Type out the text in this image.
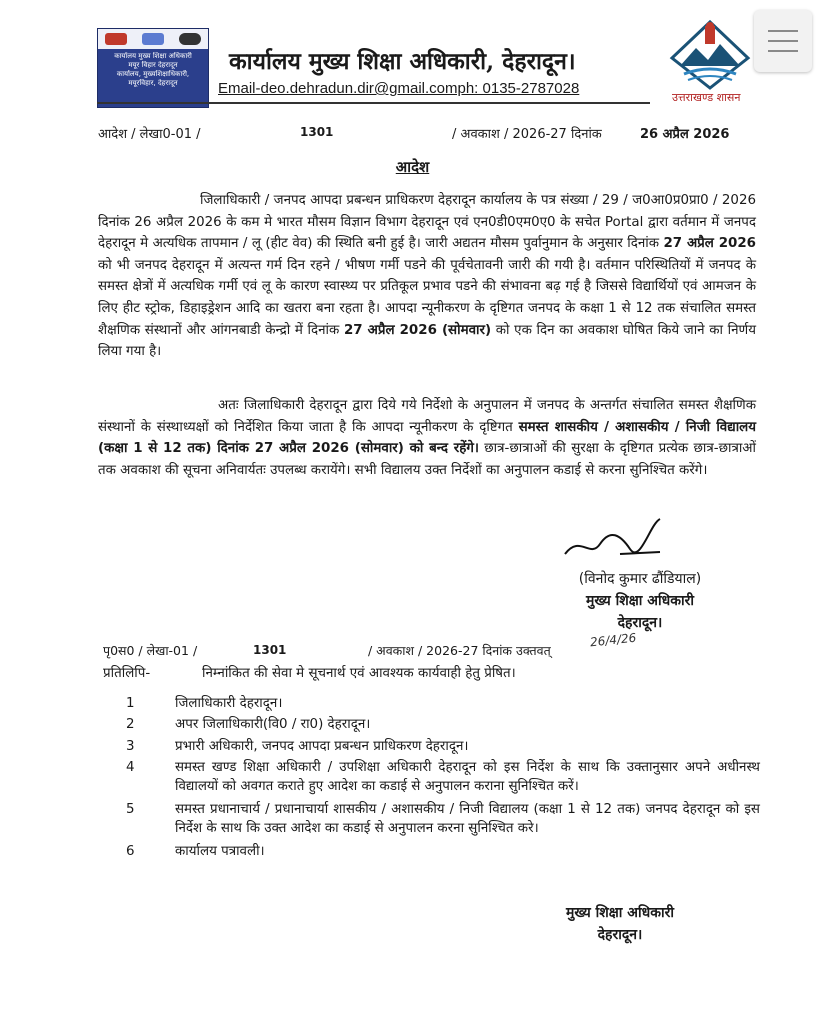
कार्यालय मुख्य शिक्षा अधिकारी
मयूर विहार देहरादून
कार्यालय, मुख्यशिक्षाधिकारी,
मयूरविहार, देहरादून
कार्यालय मुख्य शिक्षा अधिकारी, देहरादून।
Email-deo.dehradun.dir@gmail.comph: 0135-2787028
उत्तराखण्ड शासन
आदेश / लेखा0-01 /	1301	/ अवकाश / 2026-27 दिनांक	26 अप्रैल 2026
आदेश
जिलाधिकारी / जनपद आपदा प्रबन्धन प्राधिकरण देहरादून कार्यालय के पत्र संख्या / 29 / ज0आ0प्र0प्रा0 / 2026 दिनांक 26 अप्रैल 2026 के कम मे भारत मौसम विज्ञान विभाग देहरादून एवं एन0डी0एम0ए0 के सचेत Portal द्वारा वर्तमान में जनपद देहरादून मे अत्यधिक तापमान / लू (हीट वेव) की स्थिति बनी हुई है। जारी अद्यतन मौसम पुर्वानुमान के अनुसार दिनांक 27 अप्रैल 2026 को भी जनपद देहरादून में अत्यन्त गर्म दिन रहने / भीषण गर्मी पडने की पूर्वचेतावनी जारी की गयी है। वर्तमान परिस्थितियों में जनपद के समस्त क्षेत्रों में अत्यधिक गर्मी एवं लू के कारण स्वास्थ्य पर प्रतिकूल प्रभाव पडने की संभावना बढ़ गई है जिससे विद्यार्थियों एवं आमजन के लिए हीट स्ट्रोक, डिहाइड्रेशन आदि का खतरा बना रहता है। आपदा न्यूनीकरण के दृष्टिगत जनपद के कक्षा 1 से 12 तक संचालित समस्त शैक्षणिक संस्थानों और आंगनबाडी केन्द्रो में दिनांक 27 अप्रैल 2026 (सोमवार) को एक दिन का अवकाश घोषित किये जाने का निर्णय लिया गया है।
अतः जिलाधिकारी देहरादून द्वारा दिये गये निर्देशो के अनुपालन में जनपद के अन्तर्गत संचालित समस्त शैक्षणिक संस्थानों के संस्थाध्यक्षों को निर्देशित किया जाता है कि आपदा न्यूनीकरण के दृष्टिगत समस्त शासकीय / अशासकीय / निजी विद्यालय (कक्षा 1 से 12 तक) दिनांक 27 अप्रैल 2026 (सोमवार) को बन्द रहेंगे। छात्र-छात्राओं की सुरक्षा के दृष्टिगत प्रत्येक छात्र-छात्राओं तक अवकाश की सूचना अनिवार्यतः उपलब्ध करायेंगे। सभी विद्यालय उक्त निर्देशों का अनुपालन कडाई से करना सुनिश्चित करेंगे।
(विनोद कुमार ढौंडियाल)
मुख्य शिक्षा अधिकारी
देहरादून।
26/4/26
पृ0स0 / लेखा-01 /	1301	/ अवकाश / 2026-27 दिनांक उक्तवत्
प्रतिलिपि-	निम्नांकित की सेवा मे सूचनार्थ एवं आवश्यक कार्यवाही हेतु प्रेषित।
1	जिलाधिकारी देहरादून।
2	अपर जिलाधिकारी(वि0 / रा0) देहरादून।
3	प्रभारी अधिकारी, जनपद आपदा प्रबन्धन प्राधिकरण देहरादून।
4	समस्त खण्ड शिक्षा अधिकारी / उपशिक्षा अधिकारी देहरादून को इस निर्देश के साथ कि उक्तानुसार अपने अधीनस्थ विद्यालयों को अवगत कराते हुए आदेश का कडाई से अनुपालन कराना सुनिश्चित करें।
5	समस्त प्रधानाचार्य / प्रधानाचार्या शासकीय / अशासकीय / निजी विद्यालय (कक्षा 1 से 12 तक) जनपद देहरादून को इस निर्देश के साथ कि उक्त आदेश का कडाई से अनुपालन करना सुनिश्चित करे।
6	कार्यालय पत्रावली।
मुख्य शिक्षा अधिकारी
देहरादून।
